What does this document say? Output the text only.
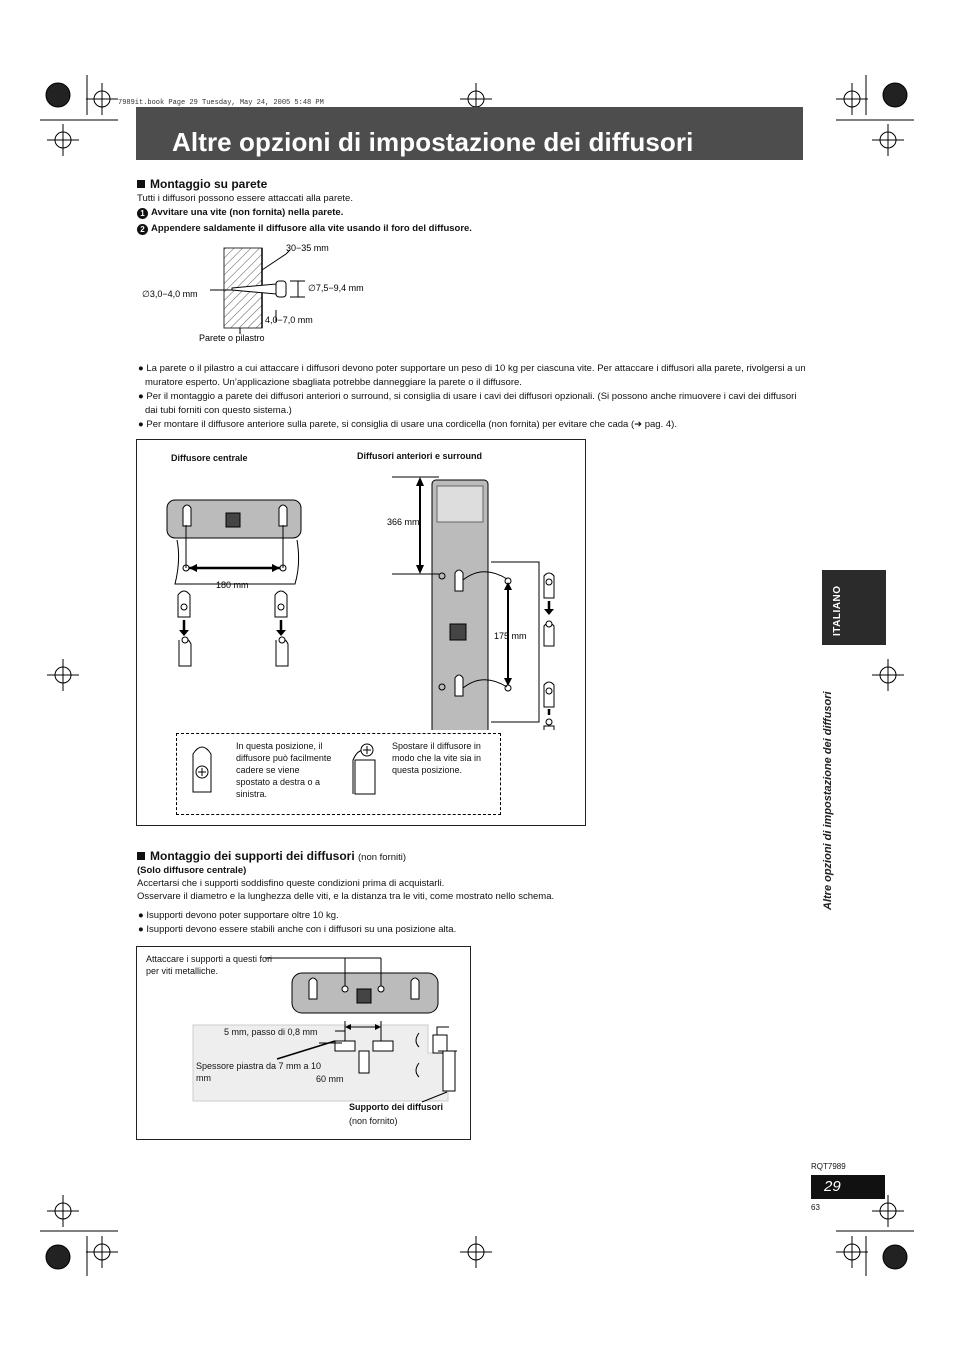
7989it.book Page 29 Tuesday, May 24, 2005 5:48 PM
Altre opzioni di impostazione dei diffusori
Montaggio su parete
Tutti i diffusori possono essere attaccati alla parete.
1 Avvitare una vite (non fornita) nella parete.
2 Appendere saldamente il diffusore alla vite usando il foro del diffusore.
30−35 mm
∅7,5−9,4 mm
∅3,0−4,0 mm
4,0−7,0 mm
Parete o pilastro
● La parete o il pilastro a cui attaccare i diffusori devono poter supportare un peso di 10 kg per ciascuna vite. Per attaccare i diffusori alla parete, rivolgersi a un muratore esperto. Un’applicazione sbagliata potrebbe danneggiare la parete o il diffusore.
● Per il montaggio a parete dei diffusori anteriori o surround, si consiglia di usare i cavi dei diffusori opzionali. (Si possono anche rimuovere i cavi dei diffusori dai tubi forniti con questo sistema.)
● Per montare il diffusore anteriore sulla parete, si consiglia di usare una cordicella (non fornita) per evitare che cada (➜ pag. 4).
Diffusore centrale	Diffusori anteriori e surround
180 mm
366 mm
175 mm
In questa posizione, il diffusore può facilmente cadere se viene spostato a destra o a sinistra.
Spostare il diffusore in modo che la vite sia in questa posizione.
Montaggio dei supporti dei diffusori (non forniti)
(Solo diffusore centrale)
Accertarsi che i supporti soddisfino queste condizioni prima di acquistarli.
Osservare il diametro e la lunghezza delle viti, e la distanza tra le viti, come mostrato nello schema.
● Isupporti devono poter supportare oltre 10 kg.
● Isupporti devono essere stabili anche con i diffusori su una posizione alta.
Attaccare i supporti a questi fori per viti metalliche.
5 mm, passo di 0,8 mm
Spessore piastra da 7 mm a 10 mm	60 mm
Supporto dei diffusori
(non fornito)
ITALIANO
Altre opzioni di impostazione dei diffusori
RQT7989
29
63
